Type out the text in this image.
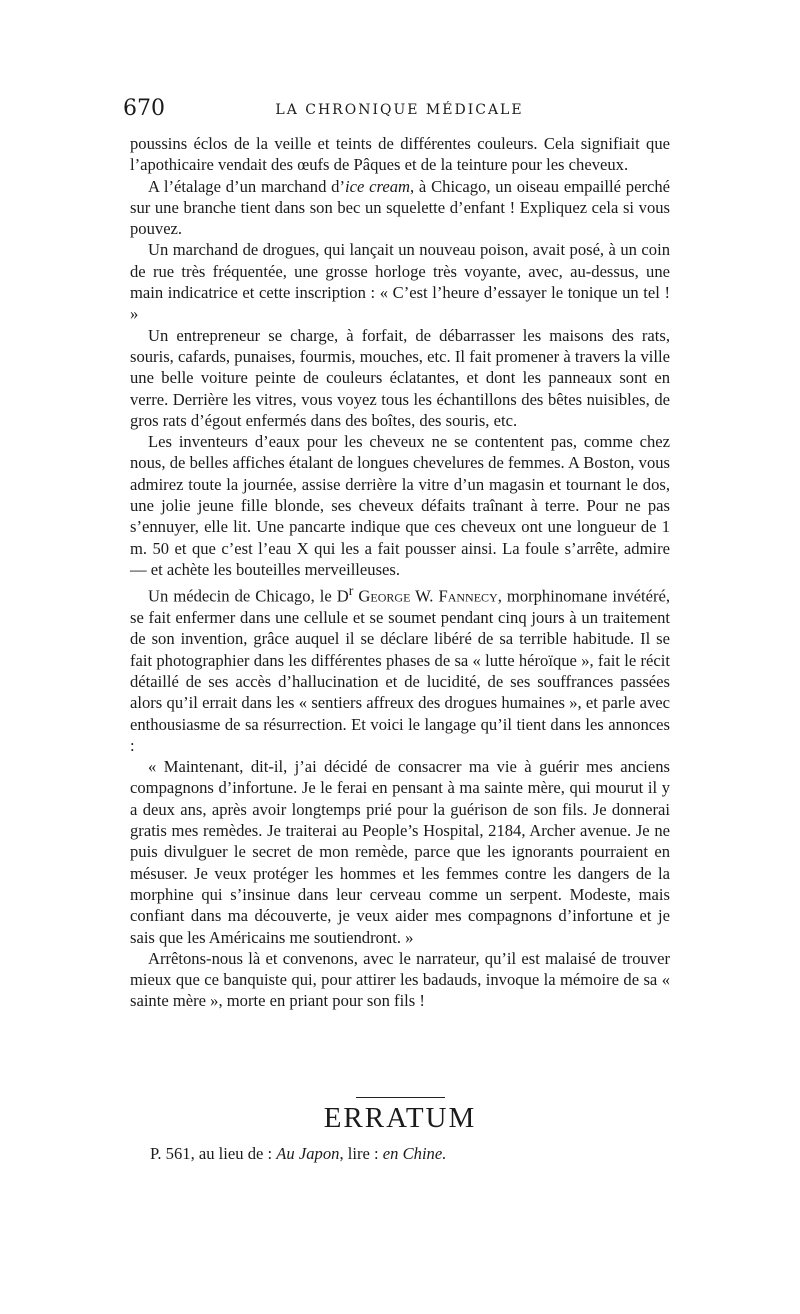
670	LA CHRONIQUE MÉDICALE

poussins éclos de la veille et teints de différentes couleurs. Cela signifiait que l’apothicaire vendait des œufs de Pâques et de la teinture pour les cheveux.

A l’étalage d’un marchand d’ice cream, à Chicago, un oiseau empaillé perché sur une branche tient dans son bec un squelette d’enfant ! Expliquez cela si vous pouvez.

Un marchand de drogues, qui lançait un nouveau poison, avait posé, à un coin de rue très fréquentée, une grosse horloge très voyante, avec, au-dessus, une main indicatrice et cette inscription : « C’est l’heure d’essayer le tonique un tel ! »

Un entrepreneur se charge, à forfait, de débarrasser les maisons des rats, souris, cafards, punaises, fourmis, mouches, etc. Il fait promener à travers la ville une belle voiture peinte de couleurs éclatantes, et dont les panneaux sont en verre. Derrière les vitres, vous voyez tous les échantillons des bêtes nuisibles, de gros rats d’égout enfermés dans des boîtes, des souris, etc.

Les inventeurs d’eaux pour les cheveux ne se contentent pas, comme chez nous, de belles affiches étalant de longues chevelures de femmes. A Boston, vous admirez toute la journée, assise derrière la vitre d’un magasin et tournant le dos, une jolie jeune fille blonde, ses cheveux défaits traînant à terre. Pour ne pas s’ennuyer, elle lit. Une pancarte indique que ces cheveux ont une longueur de 1 m. 50 et que c’est l’eau X qui les a fait pousser ainsi. La foule s’arrête, admire — et achète les bouteilles merveilleuses.

Un médecin de Chicago, le $D^r$ George W. Fannecy, morphinomane invétéré, se fait enfermer dans une cellule et se soumet pendant cinq jours à un traitement de son invention, grâce auquel il se déclare libéré de sa terrible habitude. Il se fait photographier dans les différentes phases de sa « lutte héroïque », fait le récit détaillé de ses accès d’hallucination et de lucidité, de ses souffrances passées alors qu’il errait dans les « sentiers affreux des drogues humaines », et parle avec enthousiasme de sa résurrection. Et voici le langage qu’il tient dans les annonces :

« Maintenant, dit-il, j’ai décidé de consacrer ma vie à guérir mes anciens compagnons d’infortune. Je le ferai en pensant à ma sainte mère, qui mourut il y a deux ans, après avoir longtemps prié pour la guérison de son fils. Je donnerai gratis mes remèdes. Je traiterai au People’s Hospital, 2184, Archer avenue. Je ne puis divulguer le secret de mon remède, parce que les ignorants pourraient en mésuser. Je veux protéger les hommes et les femmes contre les dangers de la morphine qui s’insinue dans leur cerveau comme un serpent. Modeste, mais confiant dans ma découverte, je veux aider mes compagnons d’infortune et je sais que les Américains me soutiendront. »

Arrêtons-nous là et convenons, avec le narrateur, qu’il est malaisé de trouver mieux que ce banquiste qui, pour attirer les badauds, invoque la mémoire de sa « sainte mère », morte en priant pour son fils !

ERRATUM
P. 561, au lieu de : Au Japon, lire : en Chine.
